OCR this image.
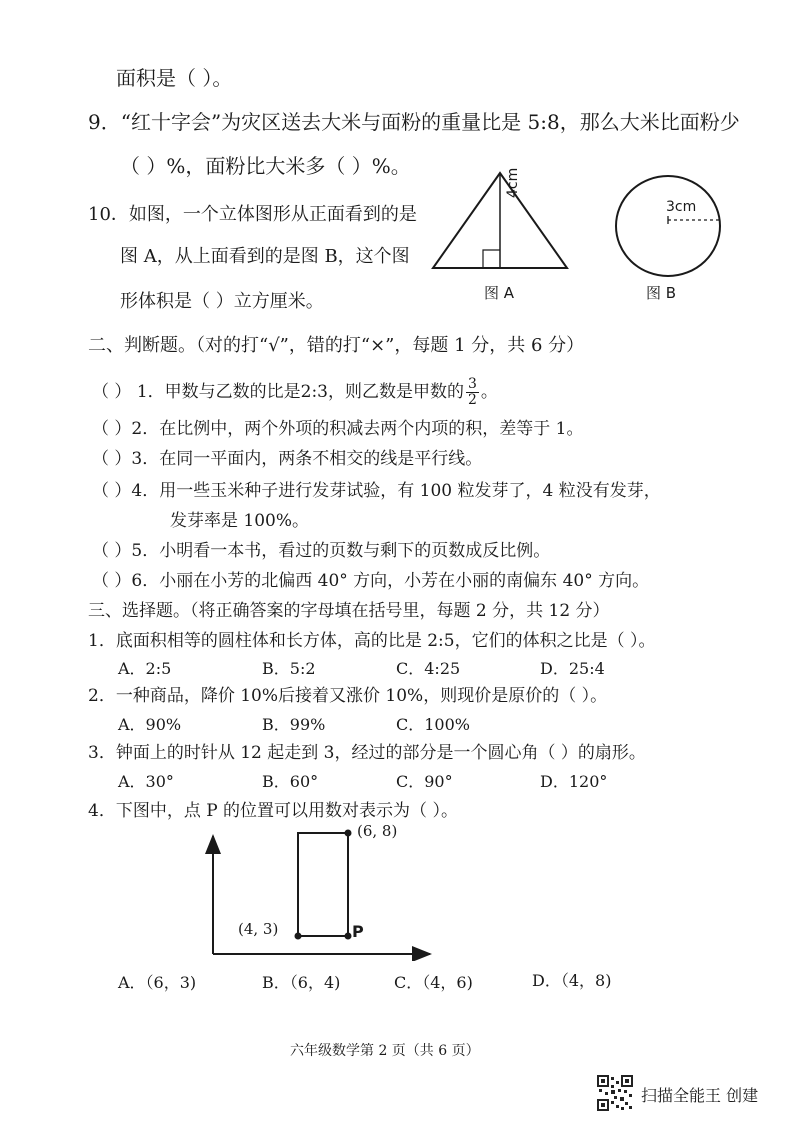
面积是（ ）。
9．“红十字会”为灾区送去大米与面粉的重量比是 5:8，那么大米比面粉少
（ ）%，面粉比大米多（ ）%。
10．如图，一个立体图形从正面看到的是
图 A，从上面看到的是图 B，这个图
形体积是（ ）立方厘米。
4cm
图 A
3cm
图 B
二、判断题。（对的打“√”，错的打“×”，每题 1 分，共 6 分）
（ ） 1．甲数与乙数的比是2:3，则乙数是甲数的 $\frac{3}{2}$ 。
（ ）2．在比例中，两个外项的积减去两个内项的积，差等于 1。
（ ）3．在同一平面内，两条不相交的线是平行线。
（ ）4．用一些玉米种子进行发芽试验，有 100 粒发芽了，4 粒没有发芽，
发芽率是 100%。
（ ）5．小明看一本书，看过的页数与剩下的页数成反比例。
（ ）6．小丽在小芳的北偏西 40° 方向，小芳在小丽的南偏东 40° 方向。
三、选择题。（将正确答案的字母填在括号里，每题 2 分，共 12 分）
1．底面积相等的圆柱体和长方体，高的比是 2:5，它们的体积之比是（ ）。
A．2:5	B．5:2	C．4:25	D．25:4
2．一种商品，降价 10%后接着又涨价 10%，则现价是原价的（ ）。
A．90%	B．99%	C．100%
3．钟面上的时针从 12 起走到 3，经过的部分是一个圆心角（ ）的扇形。
A．30°	B．60°	C．90°	D．120°
4．下图中，点 P 的位置可以用数对表示为（ ）。
(6, 8)
(4, 3)	P
A．（6，3)	B．（6，4)	C．（4，6)	D．（4，8)
六年级数学第 2 页（共 6 页）
扫描全能王 创建
